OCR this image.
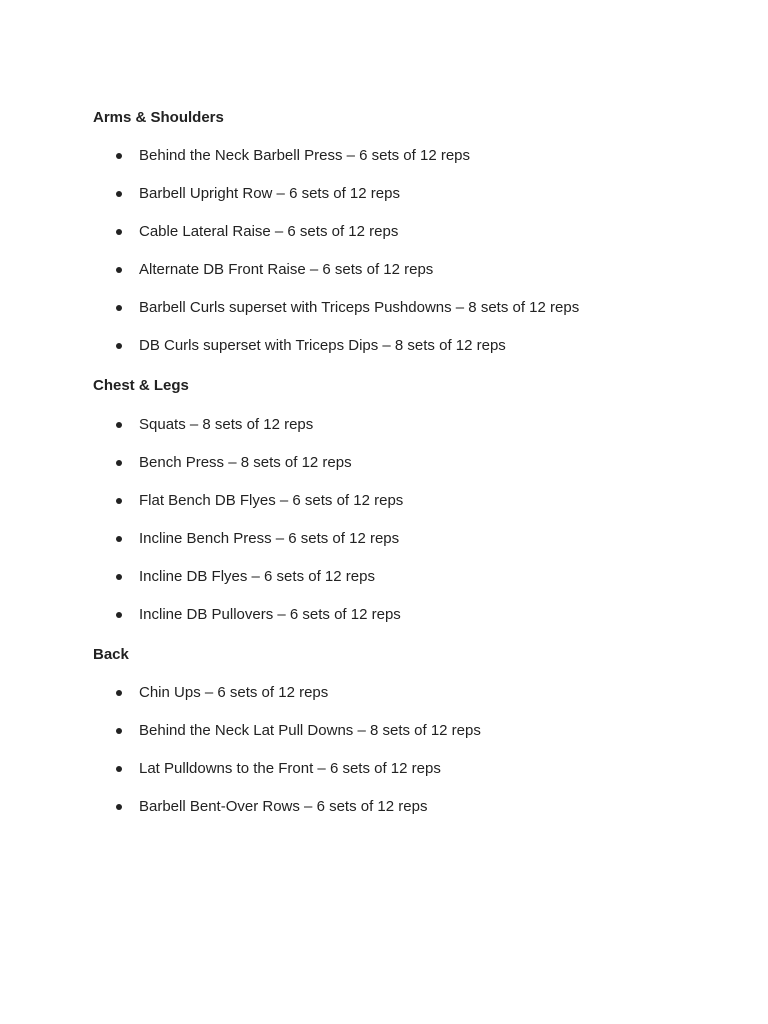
Arms & Shoulders
Behind the Neck Barbell Press – 6 sets of 12 reps
Barbell Upright Row – 6 sets of 12 reps
Cable Lateral Raise – 6 sets of 12 reps
Alternate DB Front Raise – 6 sets of 12 reps
Barbell Curls superset with Triceps Pushdowns – 8 sets of 12 reps
DB Curls superset with Triceps Dips – 8 sets of 12 reps
Chest & Legs
Squats – 8 sets of 12 reps
Bench Press – 8 sets of 12 reps
Flat Bench DB Flyes – 6 sets of 12 reps
Incline Bench Press – 6 sets of 12 reps
Incline DB Flyes – 6 sets of 12 reps
Incline DB Pullovers – 6 sets of 12 reps
Back
Chin Ups – 6 sets of 12 reps
Behind the Neck Lat Pull Downs – 8 sets of 12 reps
Lat Pulldowns to the Front – 6 sets of 12 reps
Barbell Bent-Over Rows – 6 sets of 12 reps
